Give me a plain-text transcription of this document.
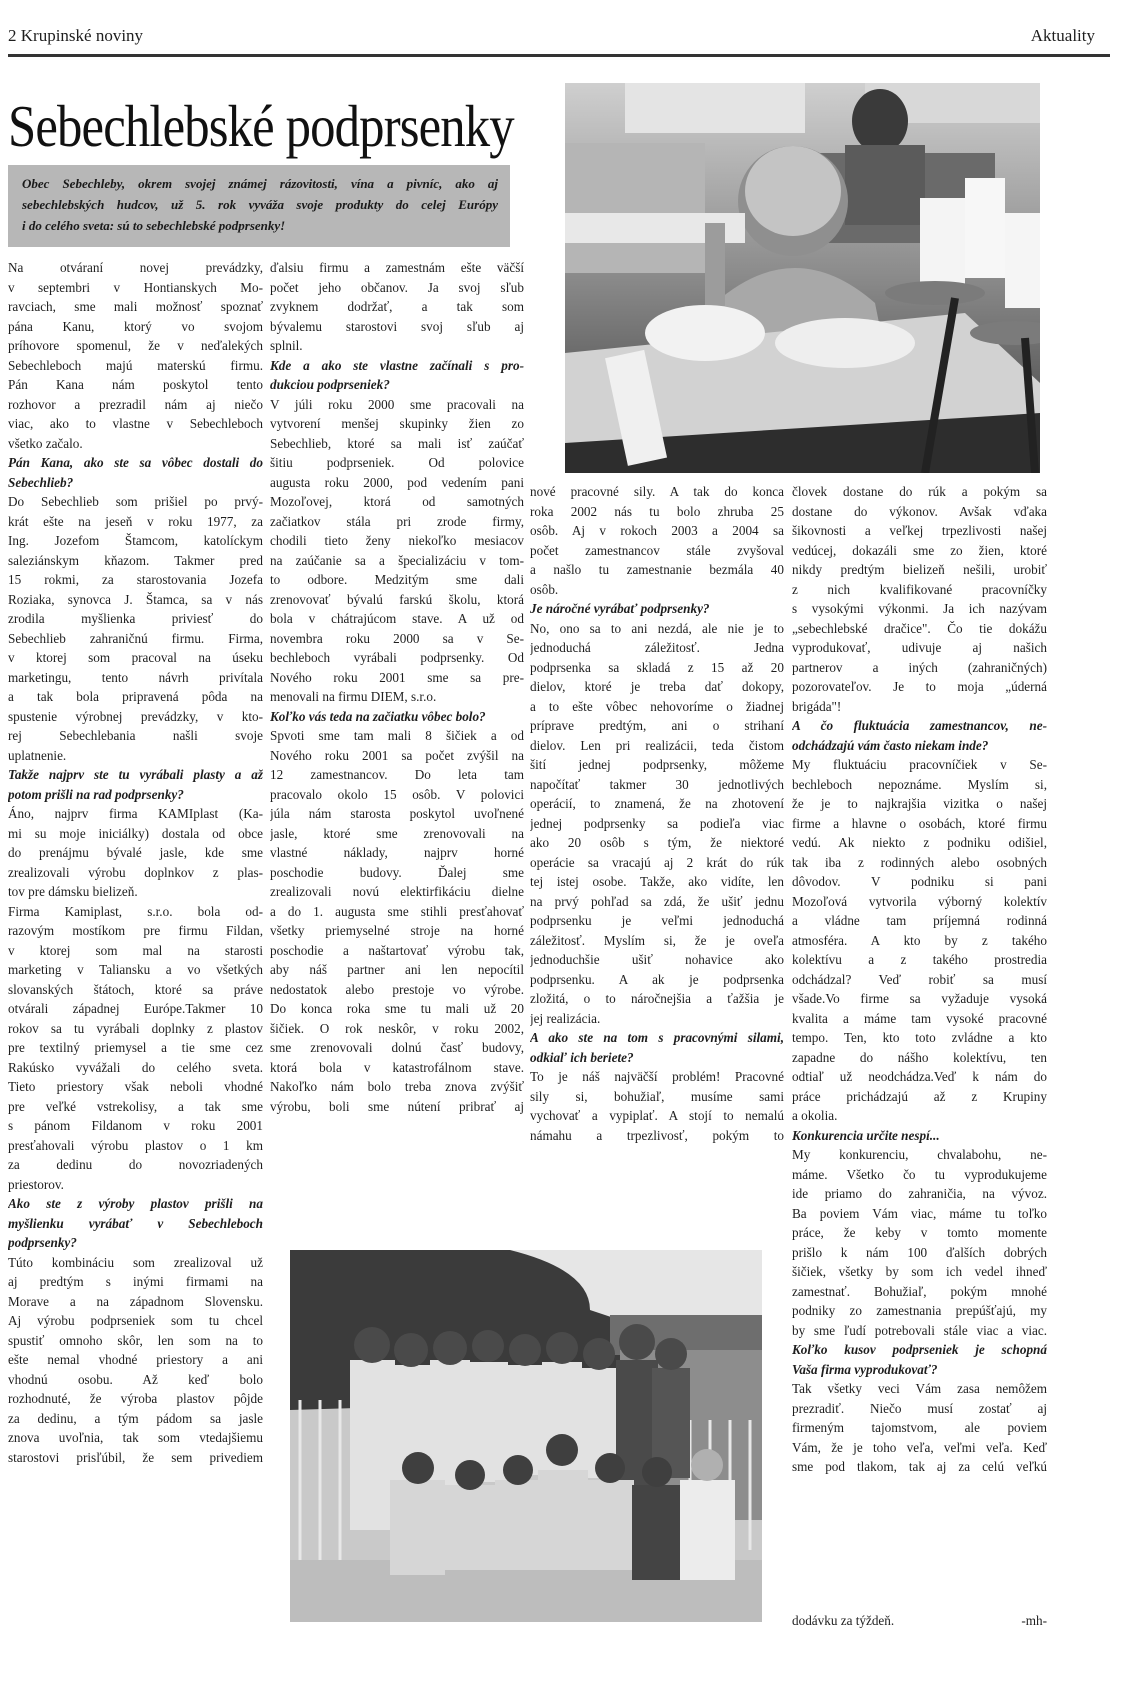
2 Krupinské noviny	Aktuality
Sebechlebské podprsenky
Obec Sebechleby, okrem svojej známej rázovitosti, vína a pivníc, ako aj
sebechlebských hudcov, už 5. rok vyváža svoje produkty do celej Európy
i do celého sveta: sú to sebechlebské podprsenky!
Na otváraní novej prevádzky,
v septembri v Hontianskych Mo-
ravciach, sme mali možnosť spoznať
pána Kanu, ktorý vo svojom
príhovore spomenul, že v neďalekých
Sebechleboch majú materskú firmu.
Pán Kana nám poskytol tento
rozhovor a prezradil nám aj niečo
viac, ako to vlastne v Sebechleboch
všetko začalo.
Pán Kana, ako ste sa vôbec dostali do
Sebechlieb?
Do Sebechlieb som prišiel po prvý-
krát ešte na jeseň v roku 1977, za
Ing. Jozefom Štamcom, katolíckym
saleziánskym kňazom. Takmer pred
15 rokmi, za starostovania Jozefa
Roziaka, synovca J. Štamca, sa v nás
zrodila myšlienka priviesť do
Sebechlieb zahraničnú firmu. Firma,
v ktorej som pracoval na úseku
marketingu, tento návrh privítala
a tak bola pripravená pôda na
spustenie výrobnej prevádzky, v kto-
rej Sebechlebania našli svoje
uplatnenie.
Takže najprv ste tu vyrábali plasty a až
potom prišli na rad podprsenky?
Áno, najprv firma KAMIplast (Ka-
mi su moje iniciálky) dostala od obce
do prenájmu bývalé jasle, kde sme
zrealizovali výrobu doplnkov z plas-
tov pre dámsku bielizeň.
Firma Kamiplast, s.r.o. bola od-
razovým mostíkom pre firmu Fildan,
v ktorej som mal na starosti
marketing v Taliansku a vo všetkých
slovanských štátoch, ktoré sa práve
otvárali západnej Európe.Takmer 10
rokov sa tu vyrábali doplnky z plastov
pre textilný priemysel a tie sme cez
Rakúsko vyvážali do celého sveta.
Tieto priestory však neboli vhodné
pre veľké vstrekolisy, a tak sme
s pánom Fildanom v roku 2001
presťahovali výrobu plastov o 1 km
za dedinu do novozriadených
priestorov.
Ako ste z výroby plastov prišli na
myšlienku vyrábať v Sebechleboch
podprsenky?
Túto kombináciu som zrealizoval už
aj predtým s inými firmami na
Morave a na západnom Slovensku.
Aj výrobu podprseniek som tu chcel
spustiť omnoho skôr, len som na to
ešte nemal vhodné priestory a ani
vhodnú osobu. Až keď bolo
rozhodnuté, že výroba plastov pôjde
za dedinu, a tým pádom sa jasle
znova uvoľnia, tak som vtedajšiemu
starostovi prisľúbil, že sem privediem
ďalsiu firmu a zamestnám ešte väčší
počet jeho občanov. Ja svoj sľub
zvyknem dodržať, a tak som
bývalemu starostovi svoj sľub aj
splnil.
Kde a ako ste vlastne začínali s pro-
dukciou podprseniek?
V júli roku 2000 sme pracovali na
vytvorení menšej skupinky žien zo
Sebechlieb, ktoré sa mali isť zaúčať
šitiu podprseniek. Od polovice
augusta roku 2000, pod vedením pani
Mozoľovej, ktorá od samotných
začiatkov stála pri zrode firmy,
chodili tieto ženy niekoľko mesiacov
na zaúčanie sa a špecializáciu v tom-
to odbore. Medzitým sme dali
zrenovovať bývalú farskú školu, ktorá
bola v chátrajúcom stave. A už od
novembra roku 2000 sa v Se-
bechleboch vyrábali podprsenky. Od
Nového roku 2001 sme sa pre-
menovali na firmu DIEM, s.r.o.
Koľko vás teda na začiatku vôbec bolo?
Spvoti sme tam mali 8 šičiek a od
Nového roku 2001 sa počet zvýšil na
12 zamestnancov. Do leta tam
pracovalo okolo 15 osôb. V polovici
júla nám starosta poskytol uvoľnené
jasle, ktoré sme zrenovovali na
vlastné náklady, najprv horné
poschodie budovy. Ďalej sme
zrealizovali novú elektirfikáciu dielne
a do 1. augusta sme stihli presťahovať
všetky priemyselné stroje na horné
poschodie a naštartovať výrobu tak,
aby náš partner ani len nepocítil
nedostatok alebo prestoje vo výrobe.
Do konca roka sme tu mali už 20
šičiek. O rok neskôr, v roku 2002,
sme zrenovovali dolnú časť budovy,
ktorá bola v katastrofálnom stave.
Nakoľko nám bolo treba znova zvýšiť
výrobu, boli sme nútení pribrať aj
nové pracovné sily. A tak do konca
roka 2002 nás tu bolo zhruba 25
osôb. Aj v rokoch 2003 a 2004 sa
počet zamestnancov stále zvyšoval
a našlo tu zamestnanie bezmála 40
osôb.
Je náročné vyrábať podprsenky?
No, ono sa to ani nezdá, ale nie je to
jednoduchá záležitosť. Jedna
podprsenka sa skladá z 15 až 20
dielov, ktoré je treba dať dokopy,
a to ešte vôbec nehovoríme o žiadnej
príprave predtým, ani o strihaní
dielov. Len pri realizácii, teda čistom
šití jednej podprsenky, môžeme
napočítať takmer 30 jednotlivých
operácií, to znamená, že na zhotovení
jednej podprsenky sa podieľa viac
ako 20 osôb s tým, že niektoré
operácie sa vracajú aj 2 krát do rúk
tej istej osobe. Takže, ako vidíte, len
na prvý pohľad sa zdá, že ušiť jednu
podprsenku je veľmi jednoduchá
záležitosť. Myslím si, že je oveľa
jednoduchšie ušiť nohavice ako
podprsenku. A ak je podprsenka
zložitá, o to náročnejšia a ťažšia je
jej realizácia.
A ako ste na tom s pracovnými silami,
odkiaľ ich beriete?
To je náš najväčší problém! Pracovné
sily si, bohužiaľ, musíme sami
vychovať a vypiplať. A stojí to nemalú
námahu a trpezlivosť, pokým to
človek dostane do rúk a pokým sa
dostane do výkonov. Avšak vďaka
šikovnosti a veľkej trpezlivosti našej
vedúcej, dokazáli sme zo žien, ktoré
nikdy predtým bielizeň nešili, urobiť
z nich kvalifikované pracovníčky
s vysokými výkonmi. Ja ich nazývam
„sebechlebské dračice". Čo tie dokážu
vyprodukovať, udivuje aj našich
partnerov a iných (zahraničných)
pozorovateľov. Je to moja „úderná
brigáda"!
A čo fluktuácia zamestnancov, ne-
odchádzajú vám často niekam inde?
My fluktuáciu pracovníčiek v Se-
bechleboch nepoznáme. Myslím si,
že je to najkrajšia vizitka o našej
firme a hlavne o osobách, ktoré firmu
vedú. Ak niekto z podniku odišiel,
tak iba z rodinných alebo osobných
dôvodov. V podniku si pani
Mozoľová vytvorila výborný kolektív
a vládne tam príjemná rodinná
atmosféra. A kto by z takého
kolektívu a z takého prostredia
odchádzal? Veď robiť sa musí
všade.Vo firme sa vyžaduje vysoká
kvalita a máme tam vysoké pracovné
tempo. Ten, kto toto zvládne a kto
zapadne do nášho kolektívu, ten
odtiaľ už neodchádza.Veď k nám do
práce prichádzajú až z Krupiny
a okolia.
Konkurencia určite nespí...
My konkurenciu, chvalabohu, ne-
máme. Všetko čo tu vyprodukujeme
ide priamo do zahraničia, na vývoz.
Ba poviem Vám viac, máme tu toľko
práce, že keby v tomto momente
prišlo k nám 100 ďalších dobrých
šičiek, všetky by som ich vedel ihneď
zamestnať. Bohužiaľ, pokým mnohé
podniky zo zamestnania prepúšťajú, my
by sme ľudí potrebovali stále viac a viac.
Koľko kusov podprseniek je schopná
Vaša firma vyprodukovať?
Tak všetky veci Vám zasa nemôžem
prezradiť. Niečo musí zostať aj
firmeným tajomstvom, ale poviem
Vám, že je toho veľa, veľmi veľa. Keď
sme pod tlakom, tak aj za celú veľkú
dodávku za týždeň.	-mh-
